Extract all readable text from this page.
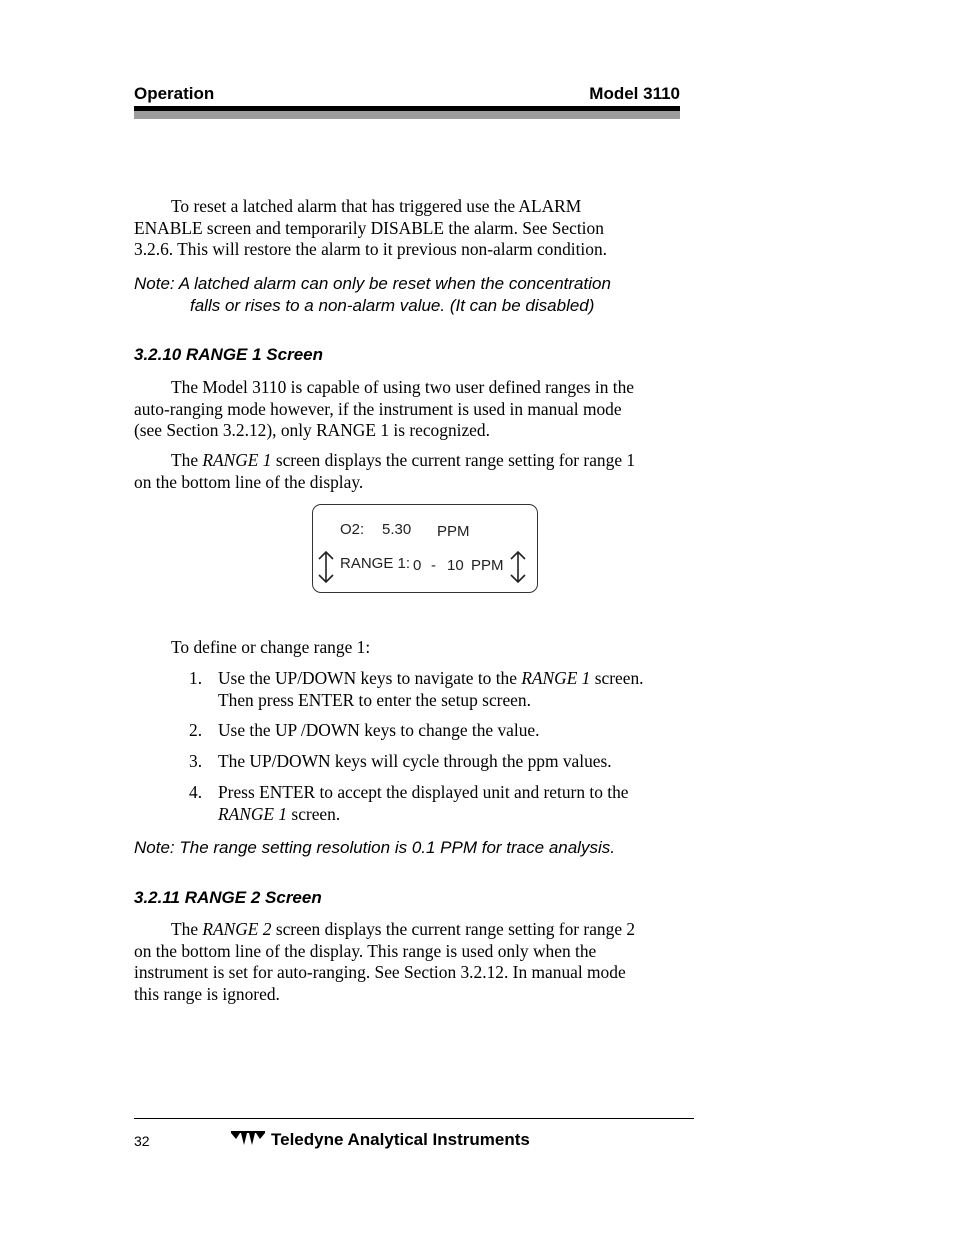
Operation	Model 3110
To reset a latched alarm that has triggered use the ALARM
ENABLE screen and temporarily DISABLE the alarm. See Section
3.2.6. This will restore the alarm to it previous non-alarm condition.
Note: A latched alarm can only be reset when the concentration
falls or rises to a non-alarm value. (It can be disabled)
3.2.10 RANGE 1 Screen
The Model 3110 is capable of using two user defined ranges in the
auto-ranging mode however, if the instrument is used in manual mode
(see Section 3.2.12), only RANGE 1 is recognized.
The RANGE 1 screen displays the current range setting for range 1
on the bottom line of the display.
O2: 5.30 PPM
RANGE 1: 0 - 10 PPM
To define or change range 1:
1. Use the UP/DOWN keys to navigate to the RANGE 1 screen.
Then press ENTER to enter the setup screen.
2. Use the UP /DOWN keys to change the value.
3. The UP/DOWN keys will cycle through the ppm values.
4. Press ENTER to accept the displayed unit and return to the
RANGE 1 screen.
Note: The range setting resolution is 0.1 PPM for trace analysis.
3.2.11 RANGE 2 Screen
The RANGE 2 screen displays the current range setting for range 2
on the bottom line of the display. This range is used only when the
instrument is set for auto-ranging. See Section 3.2.12. In manual mode
this range is ignored.
32	Teledyne Analytical Instruments
